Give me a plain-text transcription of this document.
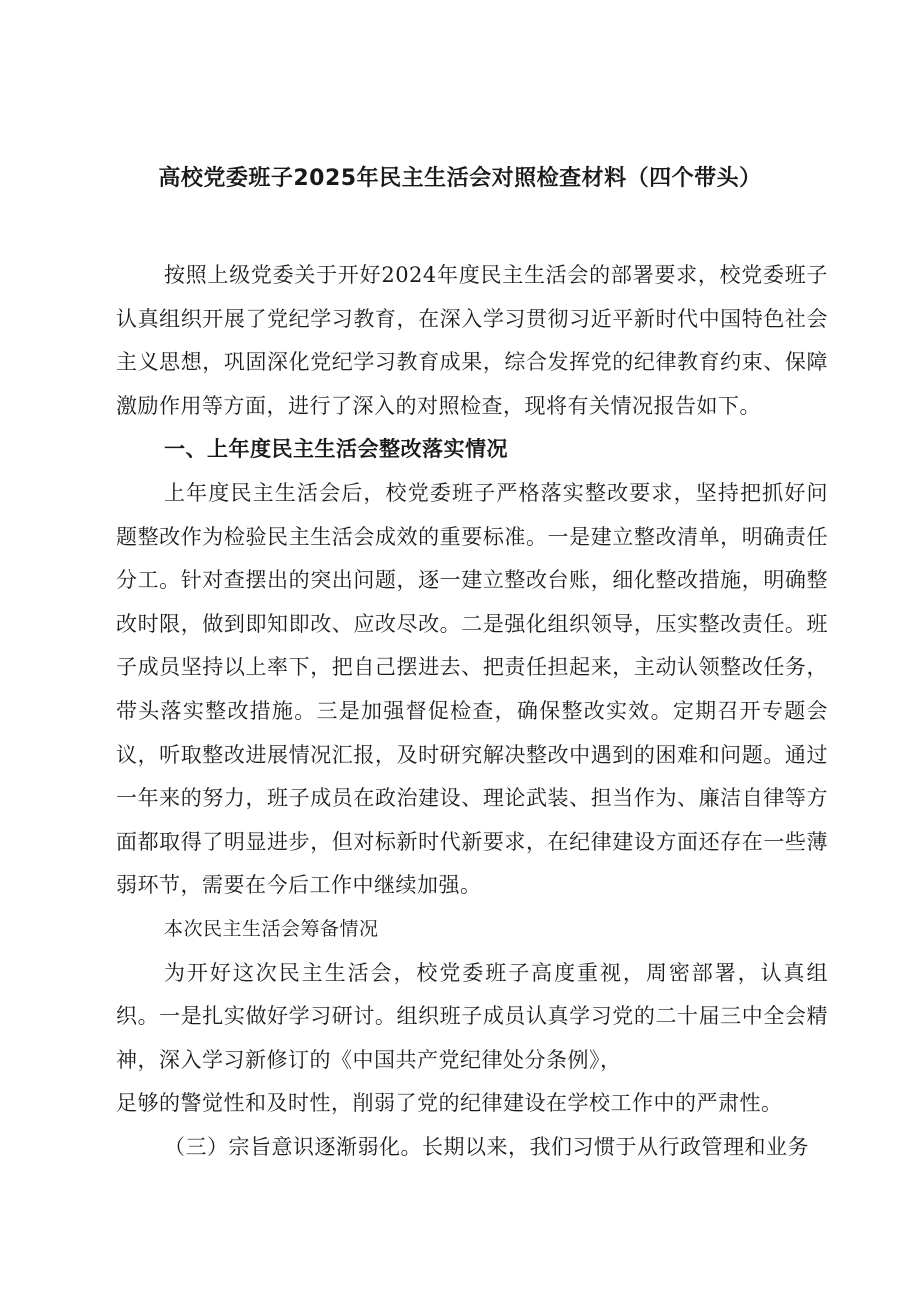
高校党委班子2025年民主生活会对照检查材料（四个带头）

按照上级党委关于开好2024年度民主生活会的部署要求，校党委班子认真组织开展了党纪学习教育，在深入学习贯彻习近平新时代中国特色社会主义思想，巩固深化党纪学习教育成果，综合发挥党的纪律教育约束、保障激励作用等方面，进行了深入的对照检查，现将有关情况报告如下。

一、上年度民主生活会整改落实情况

上年度民主生活会后，校党委班子严格落实整改要求，坚持把抓好问题整改作为检验民主生活会成效的重要标准。一是建立整改清单，明确责任分工。针对查摆出的突出问题，逐一建立整改台账，细化整改措施，明确整改时限，做到即知即改、应改尽改。二是强化组织领导，压实整改责任。班子成员坚持以上率下，把自己摆进去、把责任担起来，主动认领整改任务，带头落实整改措施。三是加强督促检查，确保整改实效。定期召开专题会议，听取整改进展情况汇报，及时研究解决整改中遇到的困难和问题。通过一年来的努力，班子成员在政治建设、理论武装、担当作为、廉洁自律等方面都取得了明显进步，但对标新时代新要求，在纪律建设方面还存在一些薄弱环节，需要在今后工作中继续加强。

本次民主生活会筹备情况

为开好这次民主生活会，校党委班子高度重视，周密部署，认真组织。一是扎实做好学习研讨。组织班子成员认真学习党的二十届三中全会精神，深入学习新修订的《中国共产党纪律处分条例》，

足够的警觉性和及时性，削弱了党的纪律建设在学校工作中的严肃性。

（三）宗旨意识逐渐弱化。长期以来，我们习惯于从行政管理和业务
